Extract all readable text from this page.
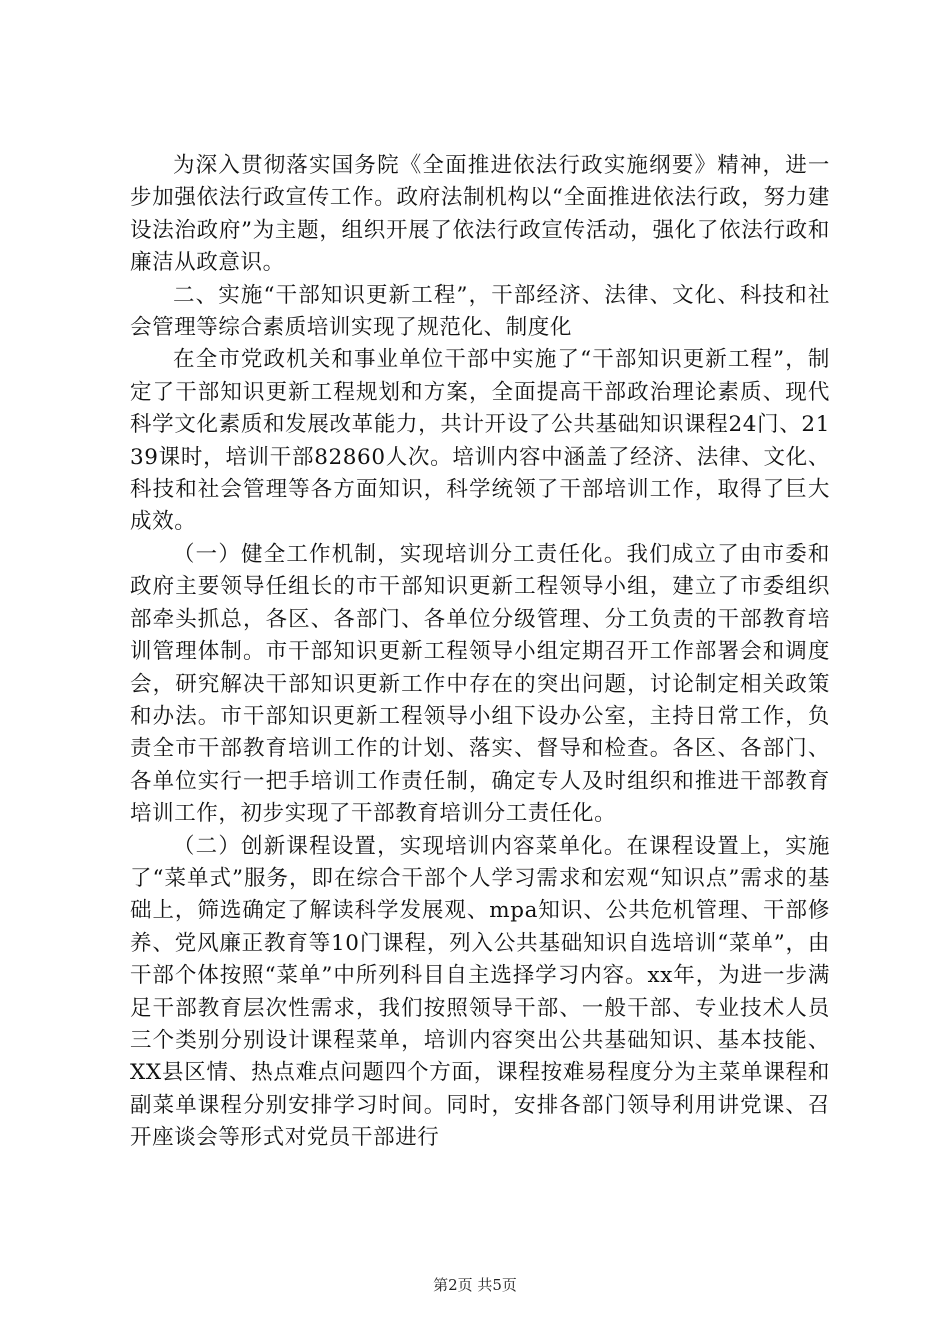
为深入贯彻落实国务院《全面推进依法行政实施纲要》精神，进一步加强依法行政宣传工作。政府法制机构以“全面推进依法行政，努力建设法治政府”为主题，组织开展了依法行政宣传活动，强化了依法行政和廉洁从政意识。

二、实施“干部知识更新工程”，干部经济、法律、文化、科技和社会管理等综合素质培训实现了规范化、制度化

在全市党政机关和事业单位干部中实施了“干部知识更新工程”，制定了干部知识更新工程规划和方案，全面提高干部政治理论素质、现代科学文化素质和发展改革能力，共计开设了公共基础知识课程24门、2139课时，培训干部82860人次。培训内容中涵盖了经济、法律、文化、科技和社会管理等各方面知识，科学统领了干部培训工作，取得了巨大成效。

（一）健全工作机制，实现培训分工责任化。我们成立了由市委和政府主要领导任组长的市干部知识更新工程领导小组，建立了市委组织部牵头抓总，各区、各部门、各单位分级管理、分工负责的干部教育培训管理体制。市干部知识更新工程领导小组定期召开工作部署会和调度会，研究解决干部知识更新工作中存在的突出问题，讨论制定相关政策和办法。市干部知识更新工程领导小组下设办公室，主持日常工作，负责全市干部教育培训工作的计划、落实、督导和检查。各区、各部门、各单位实行一把手培训工作责任制，确定专人及时组织和推进干部教育培训工作，初步实现了干部教育培训分工责任化。

（二）创新课程设置，实现培训内容菜单化。在课程设置上，实施了“菜单式”服务，即在综合干部个人学习需求和宏观“知识点”需求的基础上，筛选确定了解读科学发展观、mpa知识、公共危机管理、干部修养、党风廉正教育等10门课程，列入公共基础知识自选培训“菜单”，由干部个体按照“菜单”中所列科目自主选择学习内容。xx年，为进一步满足干部教育层次性需求，我们按照领导干部、一般干部、专业技术人员三个类别分别设计课程菜单，培训内容突出公共基础知识、基本技能、XX县区情、热点难点问题四个方面，课程按难易程度分为主菜单课程和副菜单课程分别安排学习时间。同时，安排各部门领导利用讲党课、召开座谈会等形式对党员干部进行

第2页 共5页
